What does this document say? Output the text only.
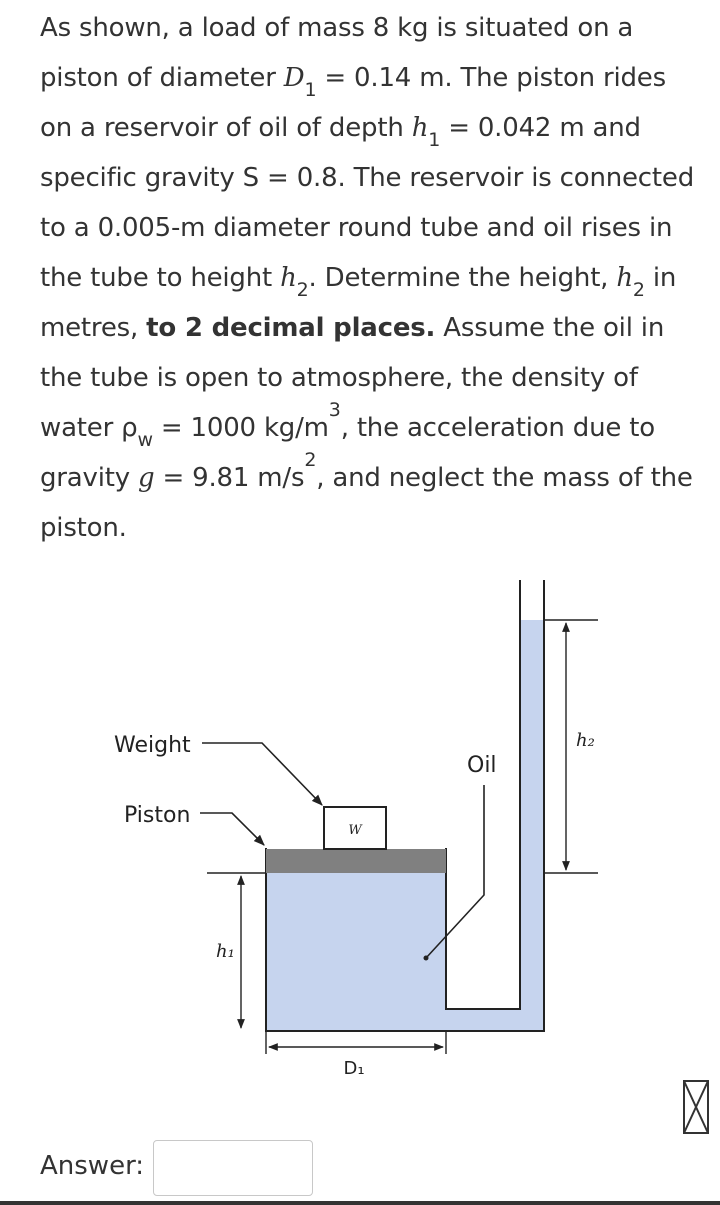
As shown, a load of mass 8 kg is situated on a piston of diameter $D_1 = 0.14$ m. The piston rides on a reservoir of oil of depth $h_1 = 0.042$ m and specific gravity S = 0.8. The reservoir is connected to a 0.005-m diameter round tube and oil rises in the tube to height $h_2$. Determine the height, $h_2$ in metres, to 2 decimal places. Assume the oil in the tube is open to atmosphere, the density of water $\rho_w = 1000$ $kg/m^3$, the acceleration due to gravity g = 9.81 $m/s^2$, and neglect the mass of the piston.

W
Weight
Piston
Oil
h₁
D₁
h₂
Answer:
